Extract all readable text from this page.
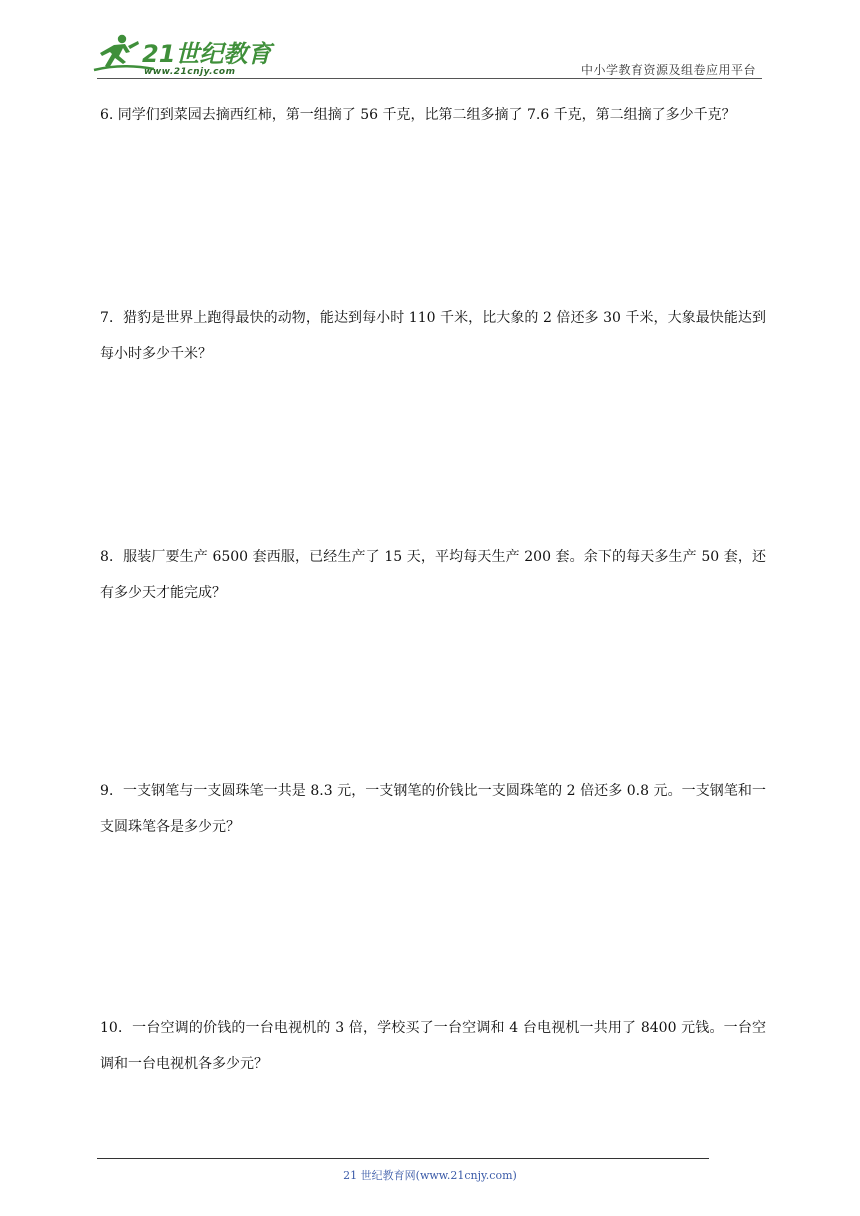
21世纪教育
www.21cnjy.com	中小学教育资源及组卷应用平台
6. 同学们到菜园去摘西红柿，第一组摘了 56 千克，比第二组多摘了 7.6 千克，第二组摘了多少千克？
7．猎豹是世界上跑得最快的动物，能达到每小时 110 千米，比大象的 2 倍还多 30 千米，大象最快能达到每小时多少千米？
8．服装厂要生产 6500 套西服，已经生产了 15 天，平均每天生产 200 套。余下的每天多生产 50 套，还有多少天才能完成？
9．一支钢笔与一支圆珠笔一共是 8.3 元，一支钢笔的价钱比一支圆珠笔的 2 倍还多 0.8 元。一支钢笔和一支圆珠笔各是多少元？
10．一台空调的价钱的一台电视机的 3 倍，学校买了一台空调和 4 台电视机一共用了 8400 元钱。一台空调和一台电视机各多少元？
21 世纪教育网(www.21cnjy.com)
